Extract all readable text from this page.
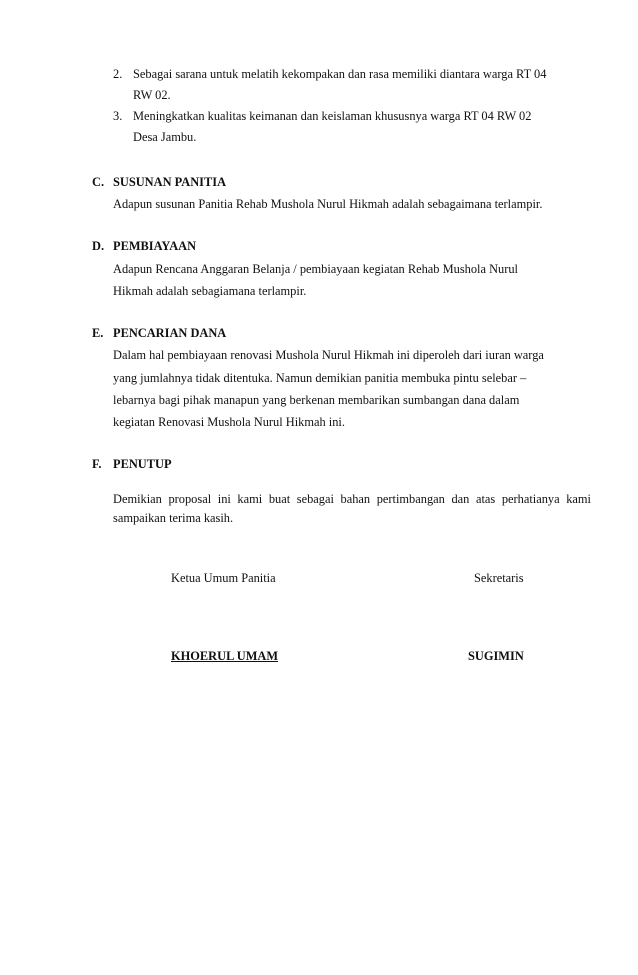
2. Sebagai sarana untuk melatih kekompakan dan rasa memiliki diantara warga RT 04
RW 02.
3. Meningkatkan kualitas keimanan dan keislaman khususnya warga RT 04 RW 02
Desa Jambu.
C. SUSUNAN PANITIA
Adapun susunan Panitia Rehab Mushola Nurul Hikmah adalah sebagaimana terlampir.
D. PEMBIAYAAN
Adapun Rencana Anggaran Belanja / pembiayaan kegiatan Rehab Mushola Nurul
Hikmah adalah sebagiamana terlampir.
E. PENCARIAN DANA
Dalam hal pembiayaan renovasi Mushola Nurul Hikmah ini diperoleh dari iuran warga
yang jumlahnya tidak ditentuka. Namun demikian panitia membuka pintu selebar –
lebarnya bagi pihak manapun yang berkenan membarikan sumbangan dana dalam
kegiatan Renovasi Mushola Nurul Hikmah ini.
F. PENUTUP
Demikian proposal ini kami buat sebagai bahan pertimbangan dan atas perhatianya kami
sampaikan terima kasih.
Ketua Umum Panitia	Sekretaris
KHOERUL UMAM	SUGIMIN
